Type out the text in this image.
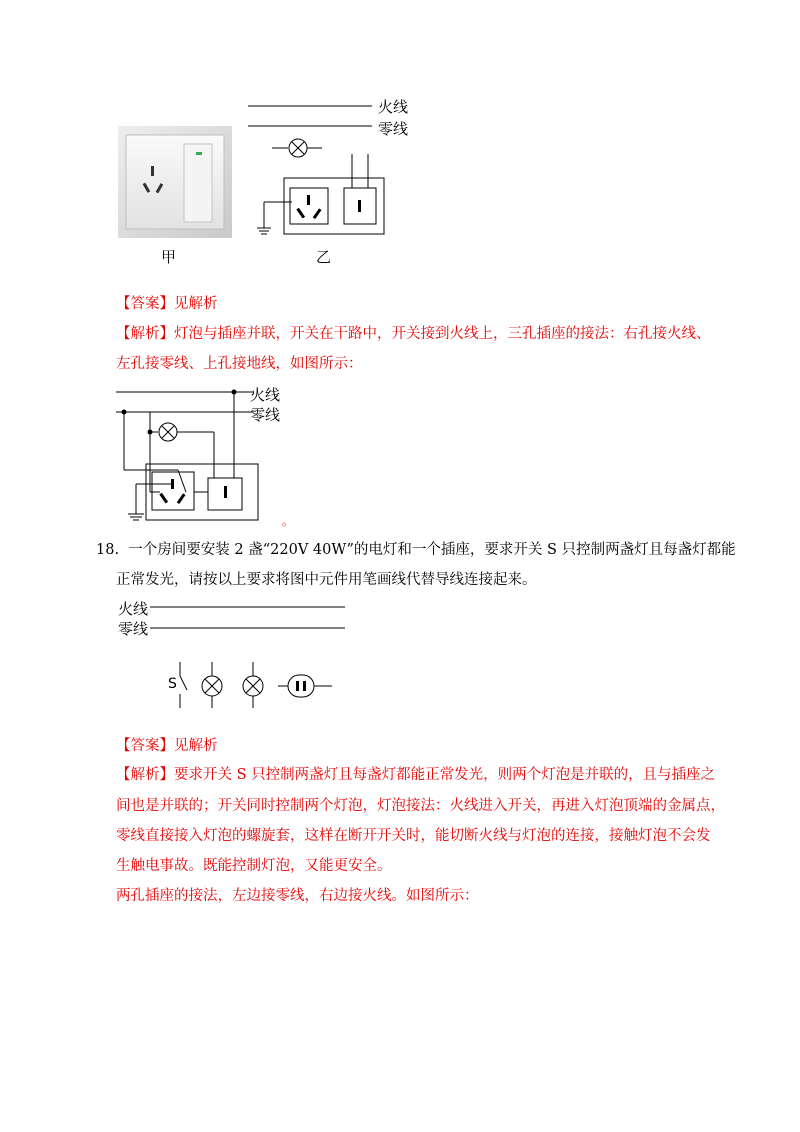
甲
火线
零线
乙
【答案】见解析
【解析】灯泡与插座并联，开关在干路中，开关接到火线上，三孔插座的接法：右孔接火线、
左孔接零线、上孔接地线，如图所示：
火线
零线
。
18. 一个房间要安装 2 盏“220V 40W”的电灯和一个插座，要求开关 S 只控制两盏灯且每盏灯都能
正常发光，请按以上要求将图中元件用笔画线代替导线连接起来。
火线
零线
S
【答案】见解析
【解析】要求开关 S 只控制两盏灯且每盏灯都能正常发光，则两个灯泡是并联的，且与插座之
间也是并联的；开关同时控制两个灯泡，灯泡接法：火线进入开关，再进入灯泡顶端的金属点，
零线直接接入灯泡的螺旋套，这样在断开开关时，能切断火线与灯泡的连接，接触灯泡不会发
生触电事故。既能控制灯泡，又能更安全。
两孔插座的接法，左边接零线，右边接火线。如图所示：
